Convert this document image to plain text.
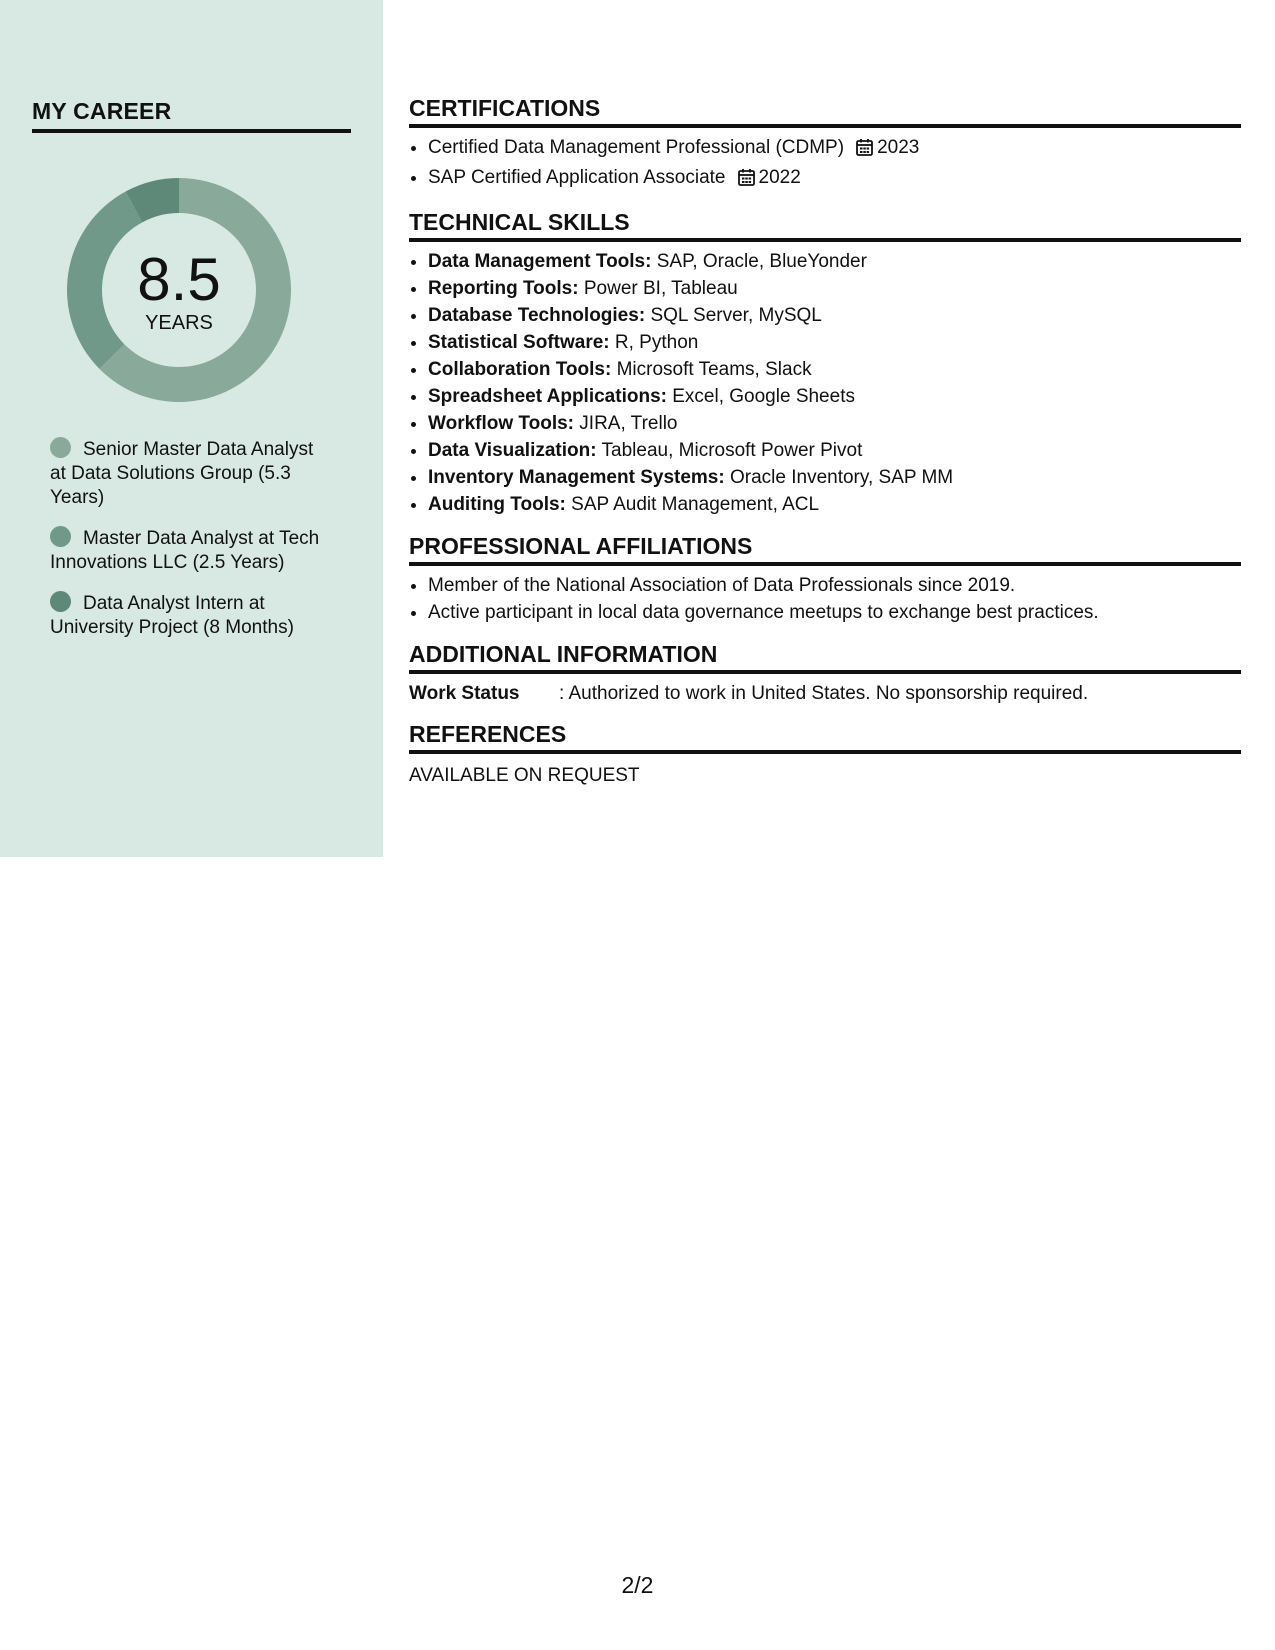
MY CAREER
8.5
YEARS
Senior Master Data Analyst at Data Solutions Group (5.3 Years)
Master Data Analyst at Tech Innovations LLC (2.5 Years)
Data Analyst Intern at University Project (8 Months)
CERTIFICATIONS
• Certified Data Management Professional (CDMP) 2023
• SAP Certified Application Associate 2022
TECHNICAL SKILLS
• Data Management Tools: SAP, Oracle, BlueYonder
• Reporting Tools: Power BI, Tableau
• Database Technologies: SQL Server, MySQL
• Statistical Software: R, Python
• Collaboration Tools: Microsoft Teams, Slack
• Spreadsheet Applications: Excel, Google Sheets
• Workflow Tools: JIRA, Trello
• Data Visualization: Tableau, Microsoft Power Pivot
• Inventory Management Systems: Oracle Inventory, SAP MM
• Auditing Tools: SAP Audit Management, ACL
PROFESSIONAL AFFILIATIONS
• Member of the National Association of Data Professionals since 2019.
• Active participant in local data governance meetups to exchange best practices.
ADDITIONAL INFORMATION
Work Status : Authorized to work in United States. No sponsorship required.
REFERENCES
AVAILABLE ON REQUEST
2/2
